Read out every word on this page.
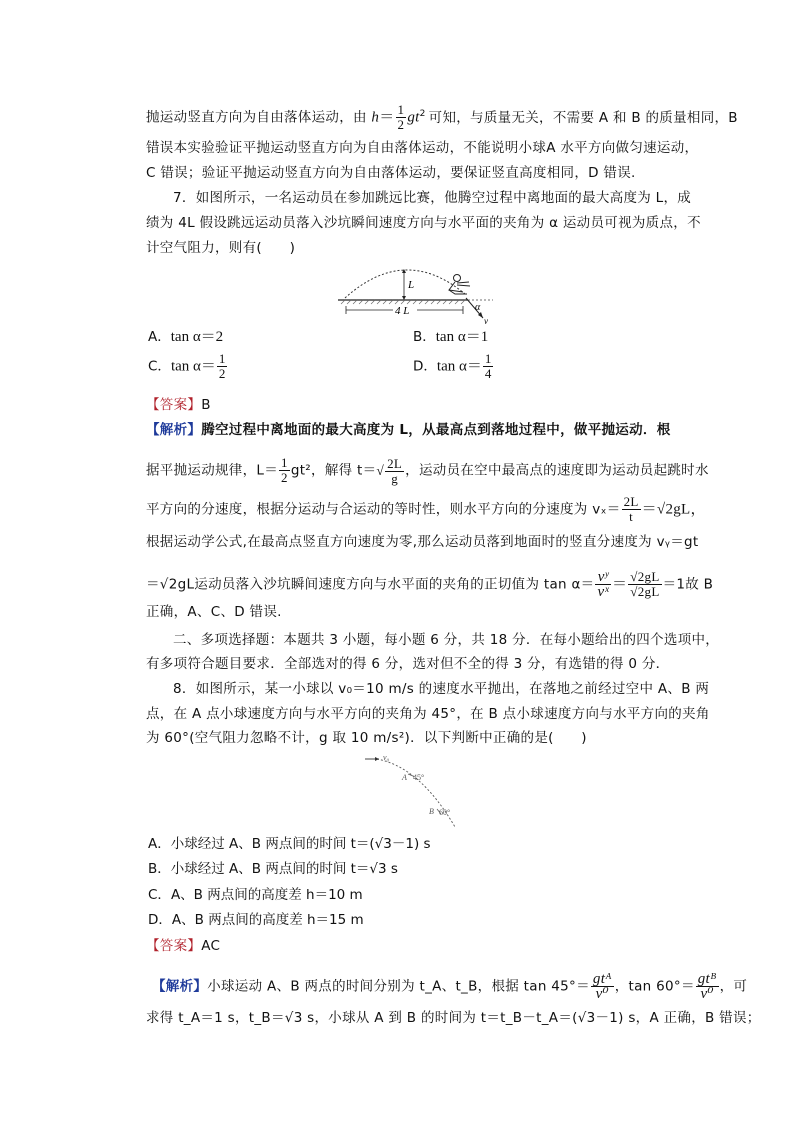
抛运动竖直方向为自由落体运动，由 $h= \frac{1}{2} gt^2$ 可知，与质量无关，不需要 A 和 B 的质量相同，B
错误本实验验证平抛运动竖直方向为自由落体运动，不能说明小球A 水平方向做匀速运动，
C 错误；验证平抛运动竖直方向为自由落体运动，要保证竖直高度相同，D 错误.
7．如图所示，一名运动员在参加跳远比赛，他腾空过程中离地面的最大高度为 L，成
绩为 4L 假设跳远运动员落入沙坑瞬间速度方向与水平面的夹角为 α 运动员可视为质点，不
计空气阻力，则有(　　)
L
4 L	α
v
A．tan α＝2	B．tan α＝1
C．$\tan \alpha= \frac{1}{2}$	D．$\tan \alpha= \frac{1}{4}$
【答案】B
【解析】腾空过程中离地面的最大高度为 L，从最高点到落地过程中，做平抛运动．根
据平抛运动规律，$L= \frac{1}{2} gt^2$，解得 $t=√ \frac{2L}{g}$ ，运动员在空中最高点的速度即为运动员起跳时水
平方向的分速度，根据分运动与合运动的等时性，则水平方向的分速度为 $v_x= \frac{2L}{t} =√2gL$，
根据运动学公式,在最高点竖直方向速度为零,那么运动员落到地面时的竖直分速度为 vᵧ＝gt
＝√2gL运动员落入沙坑瞬间速度方向与水平面的夹角的正切值为 $\tan \alpha= \frac{\text{vʸ}}{\text{vˣ}} = \frac{√2gL}{√2gL} =1$故 B
正确，A、C、D 错误.
二、多项选择题：本题共 3 小题，每小题 6 分，共 18 分．在每小题给出的四个选项中，
有多项符合题目要求．全部选对的得 6 分，选对但不全的得 3 分，有选错的得 0 分．
8．如图所示，某一小球以 v₀＝10 m/s 的速度水平抛出，在落地之前经过空中 A、B 两
点，在 A 点小球速度方向与水平方向的夹角为 45°，在 B 点小球速度方向与水平方向的夹角
为 60°(空气阻力忽略不计，g 取 10 m/s²)．以下判断中正确的是(　　)
v₀
A 45°
B 60°
A．小球经过 A、B 两点间的时间 t＝(√3－1) s
B．小球经过 A、B 两点间的时间 t＝√3 s
C．A、B 两点间的高度差 h＝10 m
D．A、B 两点间的高度差 h＝15 m
【答案】AC
【解析】小球运动 A、B 两点的时间分别为 t_A、t_B，根据 $\tan 45^\circ= \frac{\text{gtᴬ}}{\text{v⁰}}$ ，$\tan 60^\circ= \frac{\text{gtᴮ}}{\text{v⁰}}$ ，可
求得 t_A＝1 s，t_B＝√3 s，小球从 A 到 B 的时间为 t＝t_B－t_A＝(√3－1) s，A 正确，B 错误；
